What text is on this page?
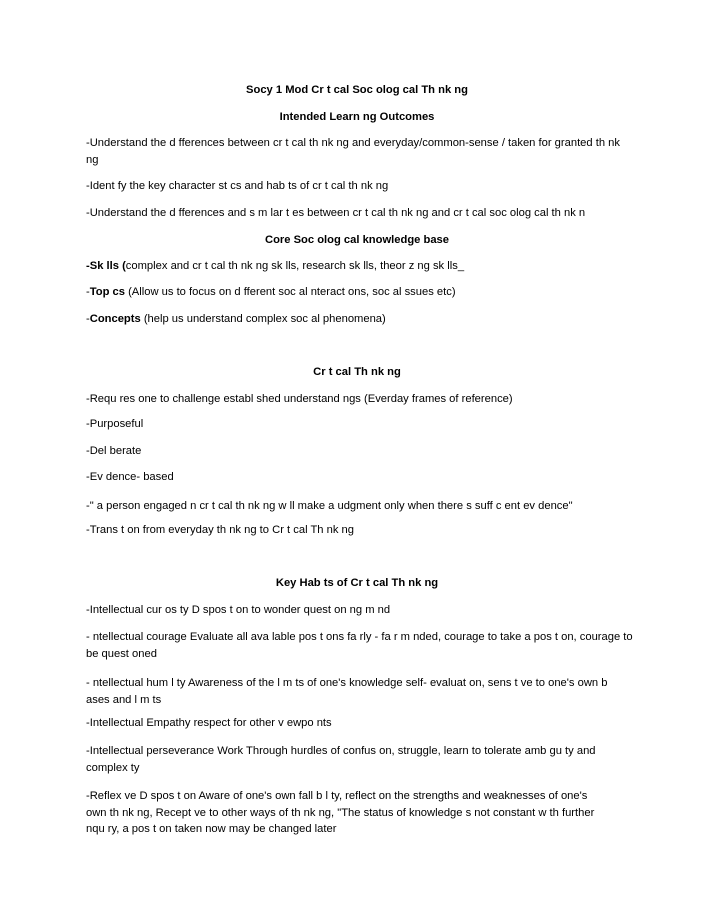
Socy 1 Mod Cr t cal Soc olog cal Th nk ng
Intended Learn ng Outcomes
-Understand the d fferences between cr t cal th nk ng and everyday/common-sense / taken for granted th nk ng
-Ident fy the key character st cs and hab ts of cr t cal th nk ng
-Understand the d fferences and s m lar t es between cr t cal th nk ng and cr t cal soc olog cal th nk n
Core Soc olog cal knowledge base
-Sk lls (complex and cr t cal th nk ng sk lls, research sk lls, theor z ng sk lls_
-Top cs (Allow us to focus on d fferent soc al nteract ons, soc al ssues etc)
-Concepts (help us understand complex soc al phenomena)
Cr t cal Th nk ng
-Requ res one to challenge establ shed understand ngs (Everday frames of reference)
-Purposeful
-Del berate
-Ev dence- based
-" a person engaged n cr t cal th nk ng w ll make a udgment only when there s suff c ent ev dence"
-Trans t on from everyday th nk ng to Cr t cal Th nk ng
Key Hab ts of Cr t cal Th nk ng
-Intellectual cur os ty D spos t on to wonder quest on ng m nd
- ntellectual courage Evaluate all ava lable pos t ons fa rly - fa r m nded, courage to take a pos t on, courage to be quest oned
- ntellectual hum l ty Awareness of the l m ts of one's knowledge self- evaluat on, sens t ve to one's own b ases and l m ts
-Intellectual Empathy respect for other v ewpo nts
-Intellectual perseverance Work Through hurdles of confus on, struggle, learn to tolerate amb gu ty and complex ty
-Reflex ve D spos t on Aware of one's own fall b l ty, reflect on the strengths and weaknesses of one's
own th nk ng, Recept ve to other ways of th nk ng, "The status of knowledge s not constant w th further
nqu ry, a pos t on taken now may be changed later
